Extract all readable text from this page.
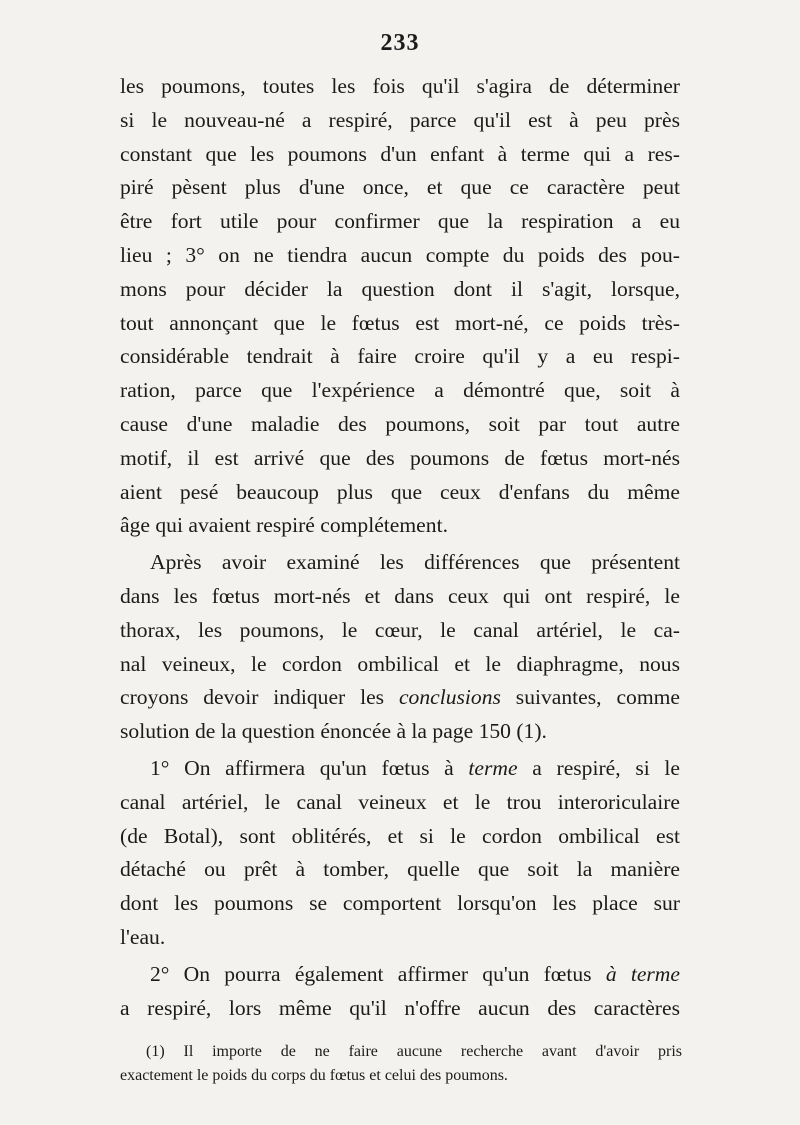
233

les poumons, toutes les fois qu'il s'agira de déterminer
si le nouveau-né a respiré, parce qu'il est à peu près
constant que les poumons d'un enfant à terme qui a res-
piré pèsent plus d'une once, et que ce caractère peut
être fort utile pour confirmer que la respiration a eu
lieu ; 3° on ne tiendra aucun compte du poids des pou-
mons pour décider la question dont il s'agit, lorsque,
tout annonçant que le fœtus est mort-né, ce poids très-
considérable tendrait à faire croire qu'il y a eu respi-
ration, parce que l'expérience a démontré que, soit à
cause d'une maladie des poumons, soit par tout autre
motif, il est arrivé que des poumons de fœtus mort-nés
aient pesé beaucoup plus que ceux d'enfans du même
âge qui avaient respiré complétement.

Après avoir examiné les différences que présentent
dans les fœtus mort-nés et dans ceux qui ont respiré, le
thorax, les poumons, le cœur, le canal artériel, le ca-
nal veineux, le cordon ombilical et le diaphragme, nous
croyons devoir indiquer les conclusions suivantes, comme
solution de la question énoncée à la page 150 (1).

1° On affirmera qu'un fœtus à terme a respiré, si le
canal artériel, le canal veineux et le trou interoriculaire
(de Botal), sont oblitérés, et si le cordon ombilical est
détaché ou prêt à tomber, quelle que soit la manière
dont les poumons se comportent lorsqu'on les place sur
l'eau.

2° On pourra également affirmer qu'un fœtus à terme
a respiré, lors même qu'il n'offre aucun des caractères

(1) Il importe de ne faire aucune recherche avant d'avoir pris
exactement le poids du corps du fœtus et celui des poumons.
